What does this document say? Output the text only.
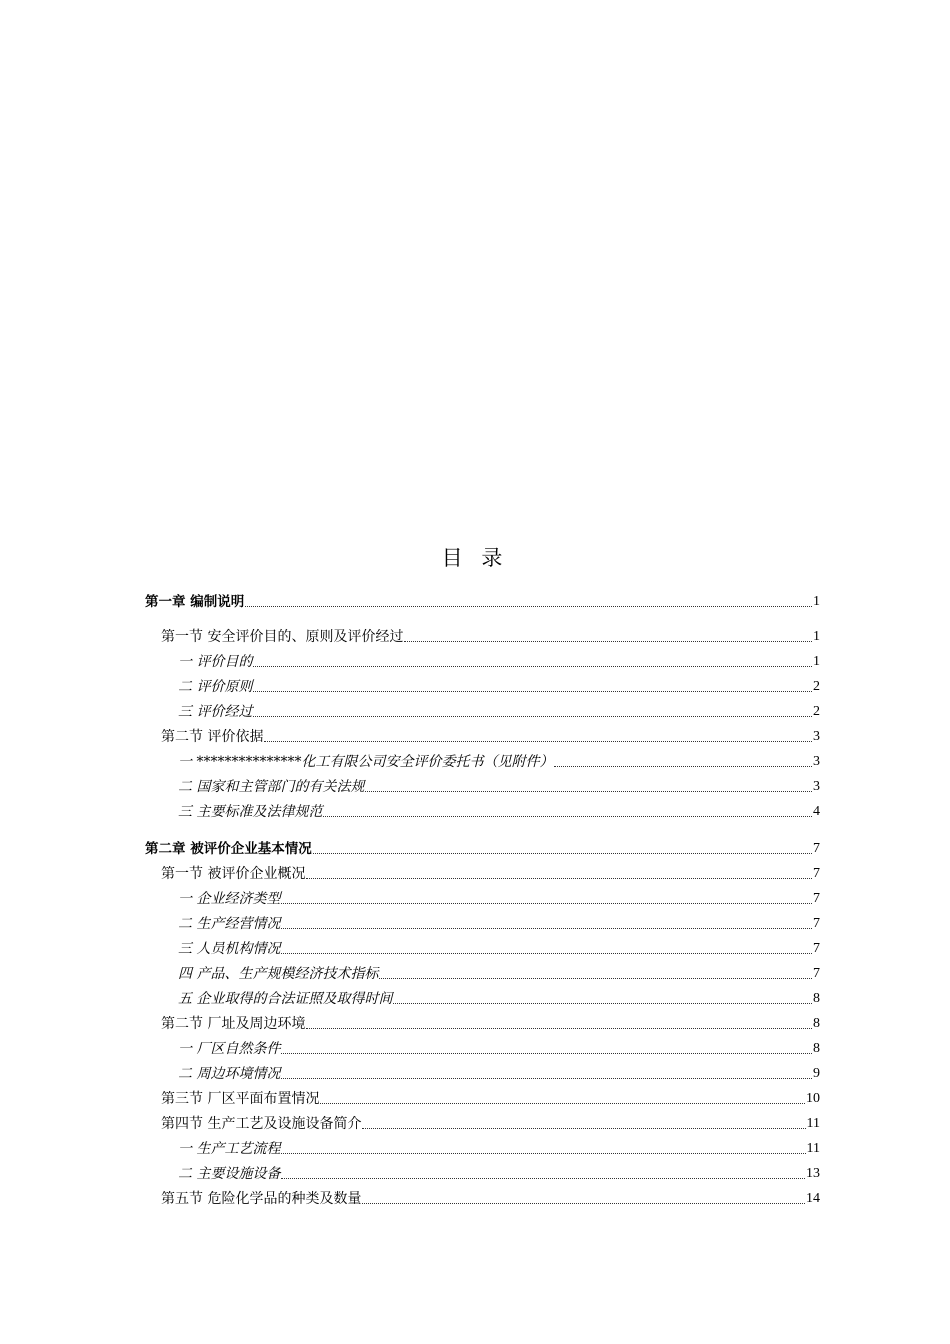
目 录
第一章 编制说明	1
第一节 安全评价目的、原则及评价经过	1
一 评价目的	1
二 评价原则	2
三 评价经过	2
第二节 评价依据	3
一 ***************化工有限公司安全评价委托书（见附件）	3
二 国家和主管部门的有关法规	3
三 主要标准及法律规范	4
第二章 被评价企业基本情况	7
第一节 被评价企业概况	7
一 企业经济类型	7
二 生产经营情况	7
三 人员机构情况	7
四 产品、生产规模经济技术指标	7
五 企业取得的合法证照及取得时间	8
第二节 厂址及周边环境	8
一 厂区自然条件	8
二 周边环境情况	9
第三节 厂区平面布置情况	10
第四节 生产工艺及设施设备简介	11
一 生产工艺流程	11
二 主要设施设备	13
第五节 危险化学品的种类及数量	14
